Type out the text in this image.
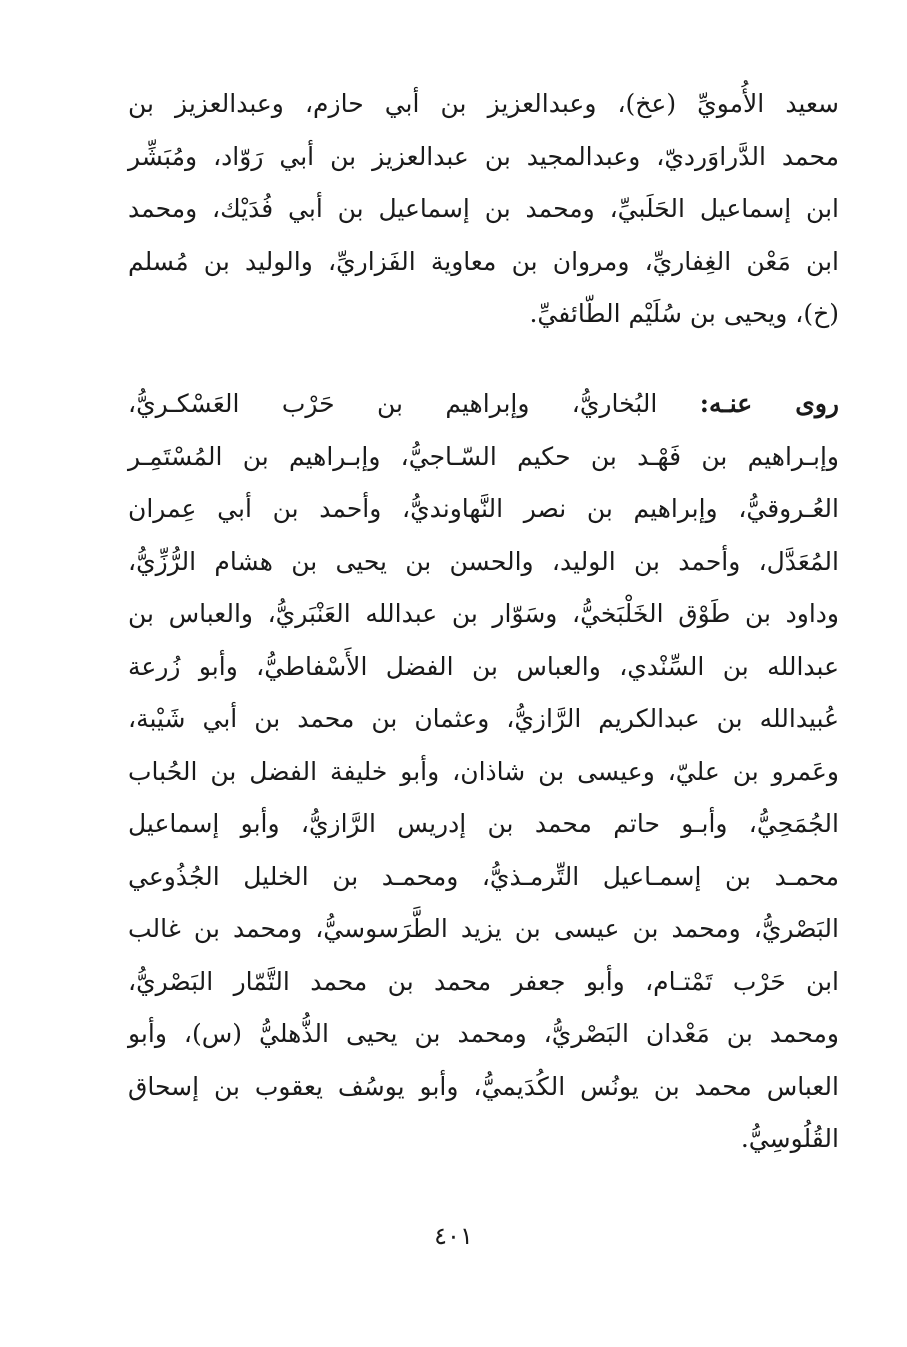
سعيد الأُمويِّ (عخ)، وعبدالعزيز بن أبي حازم، وعبدالعزيز بن
محمد الدَّراوَرديّ، وعبدالمجيد بن عبدالعزيز بن أبي رَوّاد، ومُبَشِّر
ابن إسماعيل الحَلَبيِّ، ومحمد بن إسماعيل بن أبي فُدَيْك، ومحمد
ابن مَعْن الغِفاريِّ، ومروان بن معاوية الفَزاريِّ، والوليد بن مُسلم
(خ)، ويحيى بن سُلَيْم الطّائفيِّ.
روى عنـه: البُخاريُّ، وإبراهيم بن حَرْب العَسْكـريُّ،
وإبـراهيم بن فَهْـد بن حكيم السّـاجيُّ، وإبـراهيم بن المُسْتَمِـر
العُـروقيُّ، وإبراهيم بن نصر النَّهاونديُّ، وأحمد بن أبي عِمران
المُعَدَّل، وأحمد بن الوليد، والحسن بن يحيى بن هشام الرُّزِّيُّ،
وداود بن طَوْق الخَلْبَخيُّ، وسَوّار بن عبدالله العَنْبَريُّ، والعباس بن
عبدالله بن السِّنْدي، والعباس بن الفضل الأَسْفاطيُّ، وأبو زُرعة
عُبيدالله بن عبدالكريم الرَّازيُّ، وعثمان بن محمد بن أبي شَيْبة،
وعَمرو بن عليّ، وعيسى بن شاذان، وأبو خليفة الفضل بن الحُباب
الجُمَحِيُّ، وأبـو حاتم محمد بن إدريس الرَّازيُّ، وأبو إسماعيل
محمـد بن إسمـاعيل التِّرمـذيُّ، ومحمـد بن الخليل الجُذُوعي
البَصْريُّ، ومحمد بن عيسى بن يزيد الطَّرَسوسيُّ، ومحمد بن غالب
ابن حَرْب تَمْتـام، وأبو جعفر محمد بن محمد التَّمّار البَصْريُّ،
ومحمد بن مَعْدان البَصْريُّ، ومحمد بن يحيى الذُّهليُّ (س)، وأبو
العباس محمد بن يونُس الكُدَيميُّ، وأبو يوسُف يعقوب بن إسحاق
القُلُوسِيُّ.
٤٠١
